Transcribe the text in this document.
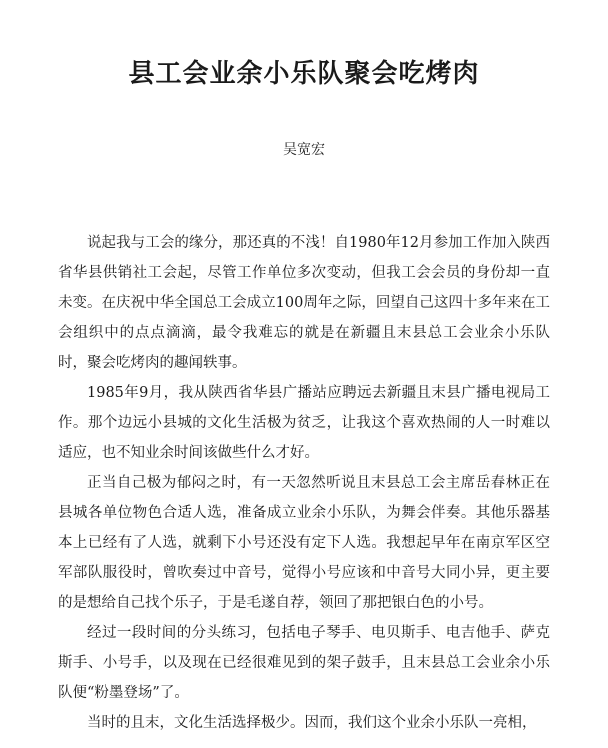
县工会业余小乐队聚会吃烤肉
吴宽宏

说起我与工会的缘分，那还真的不浅！自1980年12月参加工作加入陕西省华县供销社工会起，尽管工作单位多次变动，但我工会会员的身份却一直未变。在庆祝中华全国总工会成立100周年之际，回望自己这四十多年来在工会组织中的点点滴滴，最令我难忘的就是在新疆且末县总工会业余小乐队时，聚会吃烤肉的趣闻轶事。

1985年9月，我从陕西省华县广播站应聘远去新疆且末县广播电视局工作。那个边远小县城的文化生活极为贫乏，让我这个喜欢热闹的人一时难以适应，也不知业余时间该做些什么才好。

正当自己极为郁闷之时，有一天忽然听说且末县总工会主席岳春林正在县城各单位物色合适人选，准备成立业余小乐队，为舞会伴奏。其他乐器基本上已经有了人选，就剩下小号还没有定下人选。我想起早年在南京军区空军部队服役时，曾吹奏过中音号，觉得小号应该和中音号大同小异，更主要的是想给自己找个乐子，于是毛遂自荐，领回了那把银白色的小号。

经过一段时间的分头练习，包括电子琴手、电贝斯手、电吉他手、萨克斯手、小号手，以及现在已经很难见到的架子鼓手，且末县总工会业余小乐队便“粉墨登场”了。

当时的且末，文化生活选择极少。因而，我们这个业余小乐队一亮相，
